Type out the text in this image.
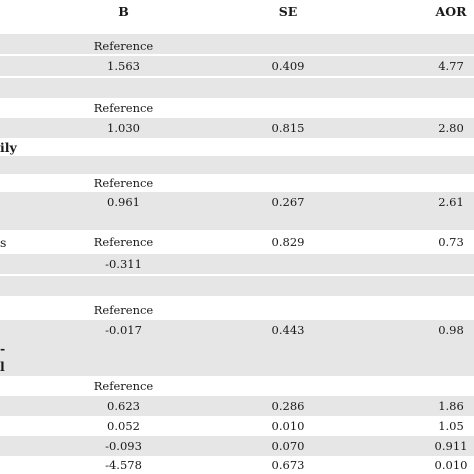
B	SE	AOR
Reference
1.563	0.409	4.77
Reference
1.030	0.815	2.80
ily
Reference
0.961	0.267	2.61
s	Reference	0.829	0.73
-0.311
Reference
-0.017	0.443	0.98
-
l
Reference
0.623	0.286	1.86
0.052	0.010	1.05
-0.093	0.070	0.911
-4.578	0.673	0.010
